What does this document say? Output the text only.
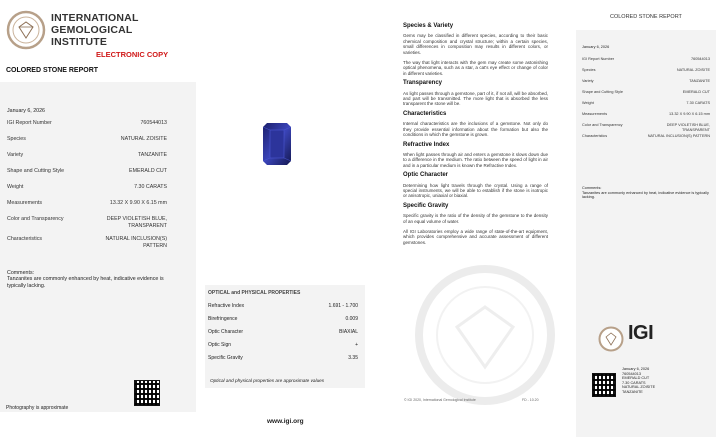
INTERNATIONAL
GEMOLOGICAL
INSTITUTE
ELECTRONIC COPY
COLORED STONE REPORT
January 6, 2026
IGI Report Number	760544013
Species	NATURAL ZOISITE
Variety	TANZANITE
Shape and Cutting Style	EMERALD CUT
Weight	7.30 CARATS
Measurements	13.32 X 9.90 X 6.15 mm
Color and Transparency	DEEP VIOLETISH BLUE,
TRANSPARENT
Characteristics	NATURAL INCLUSION(S)
PATTERN
Comments:
Tanzanites are commonly enhanced by heat, indicative evidence is typically lacking.
Photography is approximate
OPTICAL and PHYSICAL PROPERTIES
Refractive Index	1.691 - 1.700
Birefringence	0.009
Optic Character	BIAXIAL
Optic Sign	+
Specific Gravity	3.35
Optical and physical properties are approximate values
www.igi.org
Species & Variety

Gems may be classified in different species, according to their basic chemical composition and crystal structure; within a certain species, small differences in composition may results in different colors, or varieties.

The way that light interacts with the gem may create some astonishing optical phenomena, such as a star, a cat's eye effect or change of color in different varieties.

Transparency

As light passes through a gemstone, part of it, if not all, will be absorbed, and part will be transmitted. The more light that is absorbed the less transparent the stone will be.

Characteristics

Internal characteristics are the inclusions of a gemstone. Not only do they provide essential information about the formation but also the conditions in which the gemstone is grown.

Refractive Index

When light passes through air and enters a gemstone it slows down due to a difference in the medium. The ratio between the speed of light in air and in a particular medium is known the Refractive Index.

Optic Character

Determining how light travels through the crystal. Using a range of special instruments, we will be able to establish if the stone is isotropic or anisotropic, uniaxial or biaxial.

Specific Gravity

Specific gravity is the ratio of the density of the gemstone to the density of an equal volume of water.

All IGI Laboratories employ a wide range of state-of-the-art equipment, which provides comprehensive and accurate assessment of different gemstones.

© IGI 2020, International Gemological Institute	FD - 10.20
COLORED STONE REPORT
January 6, 2026
IGI Report Number	760544013
Species	NATURAL ZOISITE
Variety	TANZANITE
Shape and Cutting Style	EMERALD CUT
Weight	7.30 CARATS
Measurements	13.32 X 9.90 X 6.15 mm
Color and Transparency	DEEP VIOLETISH BLUE,
TRANSPARENT
Characteristics	NATURAL INCLUSION(S) PATTERN
Comments:
Tanzanites are commonly enhanced by heat, indicative evidence is typically lacking.
IGI
January 6, 2026
760544013
EMERALD CUT
7.30 CARATS
NATURAL ZOISITE
TANZANITE
